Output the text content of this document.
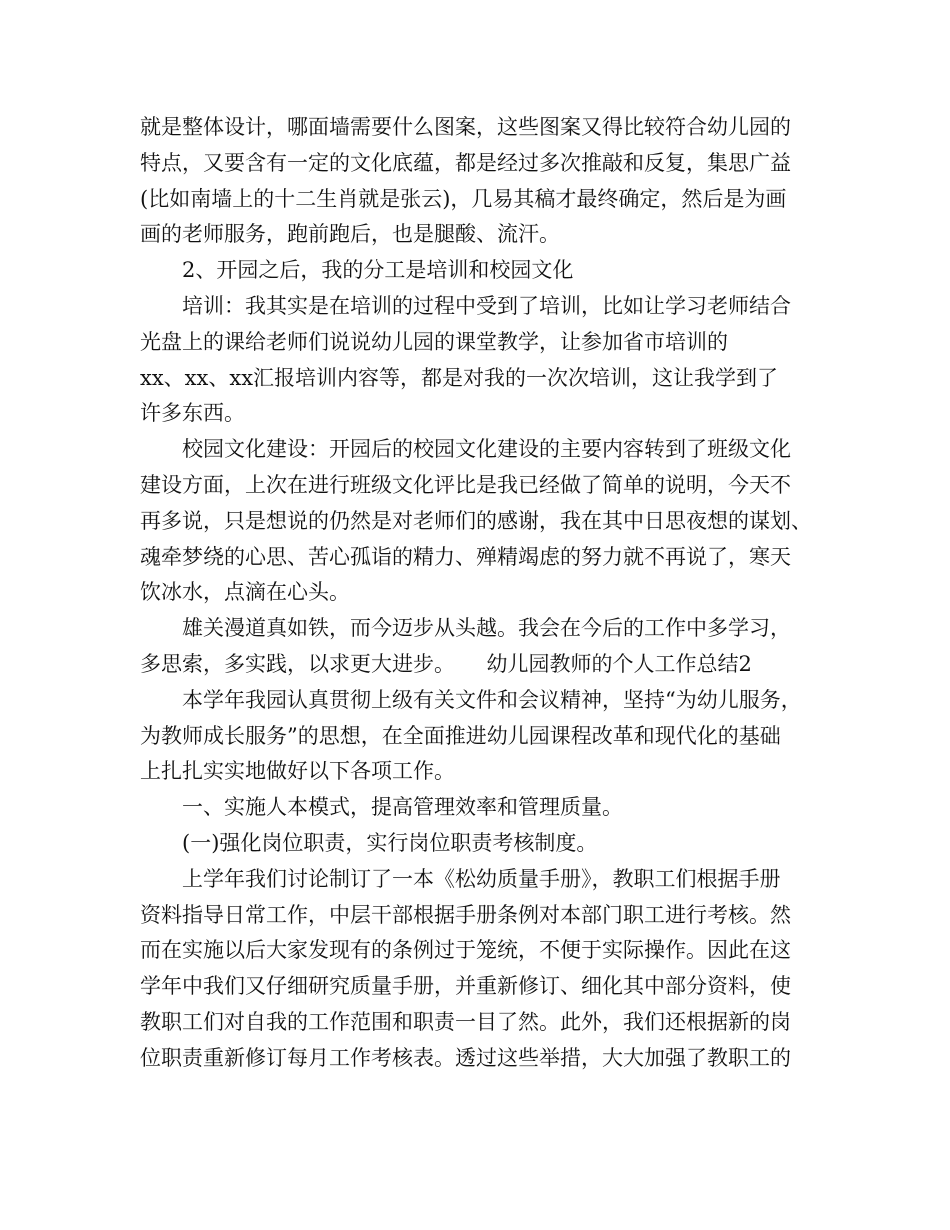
就是整体设计，哪面墙需要什么图案，这些图案又得比较符合幼儿园的
特点，又要含有一定的文化底蕴，都是经过多次推敲和反复，集思广益
(比如南墙上的十二生肖就是张云)，几易其稿才最终确定，然后是为画
画的老师服务，跑前跑后，也是腿酸、流汗。
2、开园之后，我的分工是培训和校园文化
培训：我其实是在培训的过程中受到了培训，比如让学习老师结合
光盘上的课给老师们说说幼儿园的课堂教学，让参加省市培训的
xx、xx、xx汇报培训内容等，都是对我的一次次培训，这让我学到了
许多东西。
校园文化建设：开园后的校园文化建设的主要内容转到了班级文化
建设方面，上次在进行班级文化评比是我已经做了简单的说明，今天不
再多说，只是想说的仍然是对老师们的感谢，我在其中日思夜想的谋划、
魂牵梦绕的心思、苦心孤诣的精力、殚精竭虑的努力就不再说了，寒天
饮冰水，点滴在心头。
雄关漫道真如铁，而今迈步从头越。我会在今后的工作中多学习，
多思索，多实践，以求更大进步。　　幼儿园教师的个人工作总结2
本学年我园认真贯彻上级有关文件和会议精神，坚持“为幼儿服务，
为教师成长服务”的思想，在全面推进幼儿园课程改革和现代化的基础
上扎扎实实地做好以下各项工作。
一、实施人本模式，提高管理效率和管理质量。
(一)强化岗位职责，实行岗位职责考核制度。
上学年我们讨论制订了一本《松幼质量手册》，教职工们根据手册
资料指导日常工作，中层干部根据手册条例对本部门职工进行考核。然
而在实施以后大家发现有的条例过于笼统，不便于实际操作。因此在这
学年中我们又仔细研究质量手册，并重新修订、细化其中部分资料，使
教职工们对自我的工作范围和职责一目了然。此外，我们还根据新的岗
位职责重新修订每月工作考核表。透过这些举措，大大加强了教职工的
